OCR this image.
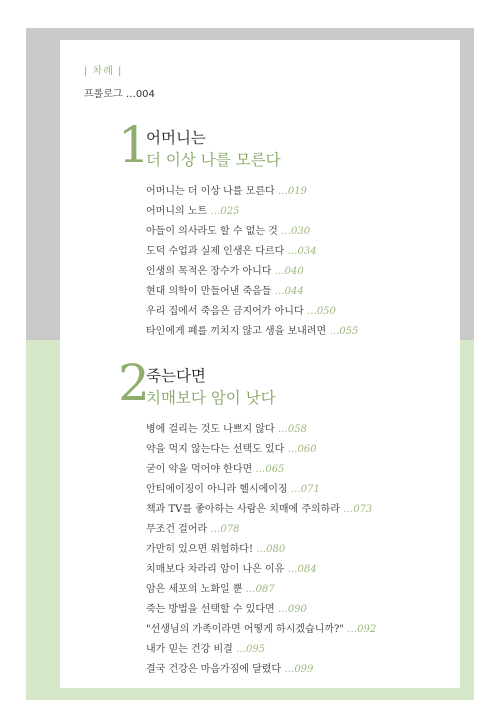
| 차례 |
프롤로그 …004
1
어머니는
더 이상 나를 모른다
어머니는 더 이상 나를 모른다 …019
어머니의 노트 …025
아들이 의사라도 할 수 없는 것 …030
도덕 수업과 실제 인생은 다르다 …034
인생의 목적은 장수가 아니다 …040
현대 의학이 만들어낸 죽음들 …044
우리 집에서 죽음은 금지어가 아니다 …050
타인에게 폐를 끼치지 않고 생을 보내려면 …055
2
죽는다면
치매보다 암이 낫다
병에 걸리는 것도 나쁘지 않다 …058
약을 먹지 않는다는 선택도 있다 …060
굳이 약을 먹어야 한다면 …065
안티에이징이 아니라 헬시에이징 …071
책과 TV를 좋아하는 사람은 치매에 주의하라 …073
무조건 걸어라 …078
가만히 있으면 위험하다! …080
치매보다 차라리 암이 나은 이유 …084
암은 세포의 노화일 뿐 …087
죽는 방법을 선택할 수 있다면 …090
"선생님의 가족이라면 어떻게 하시겠습니까?" …092
내가 믿는 건강 비결 …095
결국 건강은 마음가짐에 달렸다 …099
